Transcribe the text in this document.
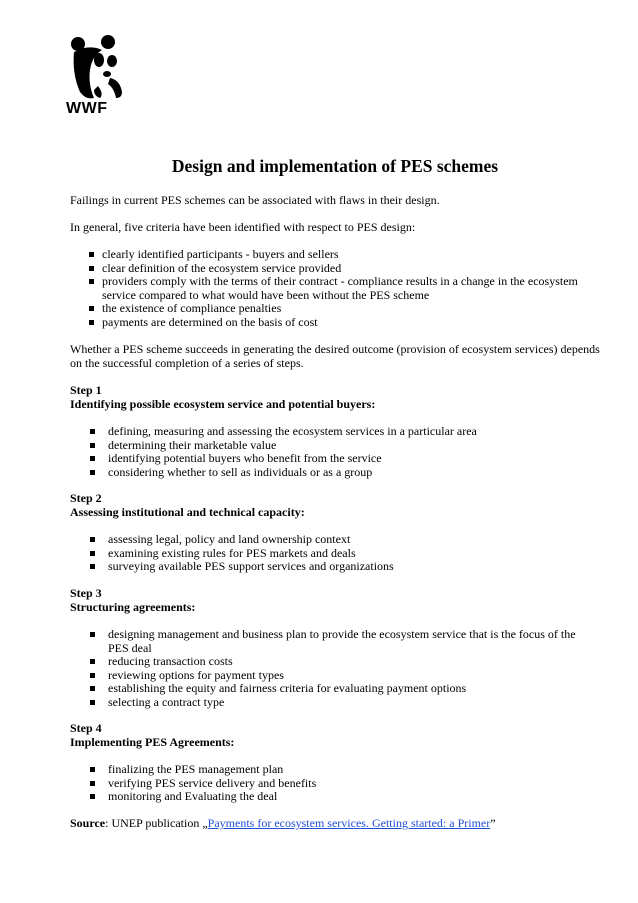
WWF
Design and implementation of PES schemes

Failings in current PES schemes can be associated with flaws in their design.

In general, five criteria have been identified with respect to PES design:

clearly identified participants - buyers and sellers
clear definition of the ecosystem service provided
providers comply with the terms of their contract - compliance results in a change in the ecosystem service compared to what would have been without the PES scheme
the existence of compliance penalties
payments are determined on the basis of cost

Whether a PES scheme succeeds in generating the desired outcome (provision of ecosystem services) depends on the successful completion of a series of steps.

Step 1

Identifying possible ecosystem service and potential buyers:

defining, measuring and assessing the ecosystem services in a particular area
determining their marketable value
identifying potential buyers who benefit from the service
considering whether to sell as individuals or as a group

Step 2

Assessing institutional and technical capacity:

assessing legal, policy and land ownership context
examining existing rules for PES markets and deals
surveying available PES support services and organizations

Step 3

Structuring agreements:

designing management and business plan to provide the ecosystem service that is the focus of the PES deal
reducing transaction costs
reviewing options for payment types
establishing the equity and fairness criteria for evaluating payment options
selecting a contract type

Step 4

Implementing PES Agreements:

finalizing the PES management plan
verifying PES service delivery and benefits
monitoring and Evaluating the deal

Source: UNEP publication „Payments for ecosystem services. Getting started: a Primer”
